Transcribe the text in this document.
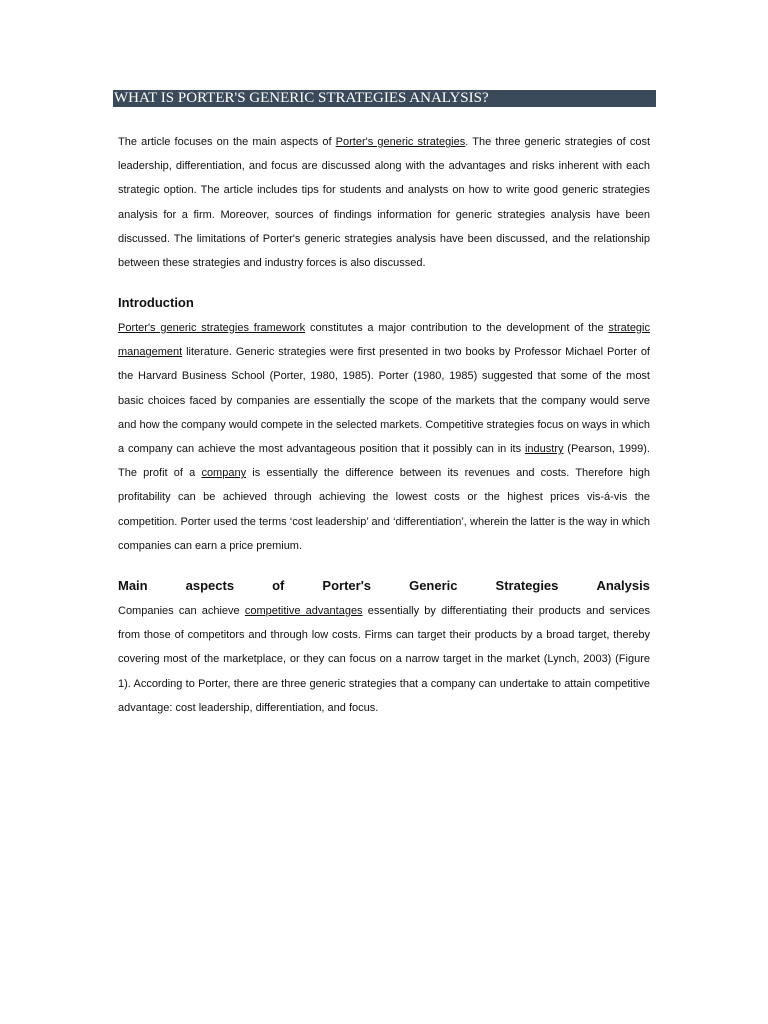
WHAT IS PORTER'S GENERIC STRATEGIES ANALYSIS?

The article focuses on the main aspects of Porter's generic strategies. The three generic strategies of cost leadership, differentiation, and focus are discussed along with the advantages and risks inherent with each strategic option. The article includes tips for students and analysts on how to write good generic strategies analysis for a firm. Moreover, sources of findings information for generic strategies analysis have been discussed. The limitations of Porter's generic strategies analysis have been discussed, and the relationship between these strategies and industry forces is also discussed.

Introduction

Porter's generic strategies framework constitutes a major contribution to the development of the strategic management literature. Generic strategies were first presented in two books by Professor Michael Porter of the Harvard Business School (Porter, 1980, 1985). Porter (1980, 1985) suggested that some of the most basic choices faced by companies are essentially the scope of the markets that the company would serve and how the company would compete in the selected markets. Competitive strategies focus on ways in which a company can achieve the most advantageous position that it possibly can in its industry (Pearson, 1999). The profit of a company is essentially the difference between its revenues and costs. Therefore high profitability can be achieved through achieving the lowest costs or the highest prices vis-á-vis the competition. Porter used the terms ‘cost leadership’ and ‘differentiation’, wherein the latter is the way in which companies can earn a price premium.

Main	aspects	of	Porter's	Generic	Strategies	Analysis

Companies can achieve competitive advantages essentially by differentiating their products and services from those of competitors and through low costs. Firms can target their products by a broad target, thereby covering most of the marketplace, or they can focus on a narrow target in the market (Lynch, 2003) (Figure 1). According to Porter, there are three generic strategies that a company can undertake to attain competitive advantage: cost leadership, differentiation, and focus.
